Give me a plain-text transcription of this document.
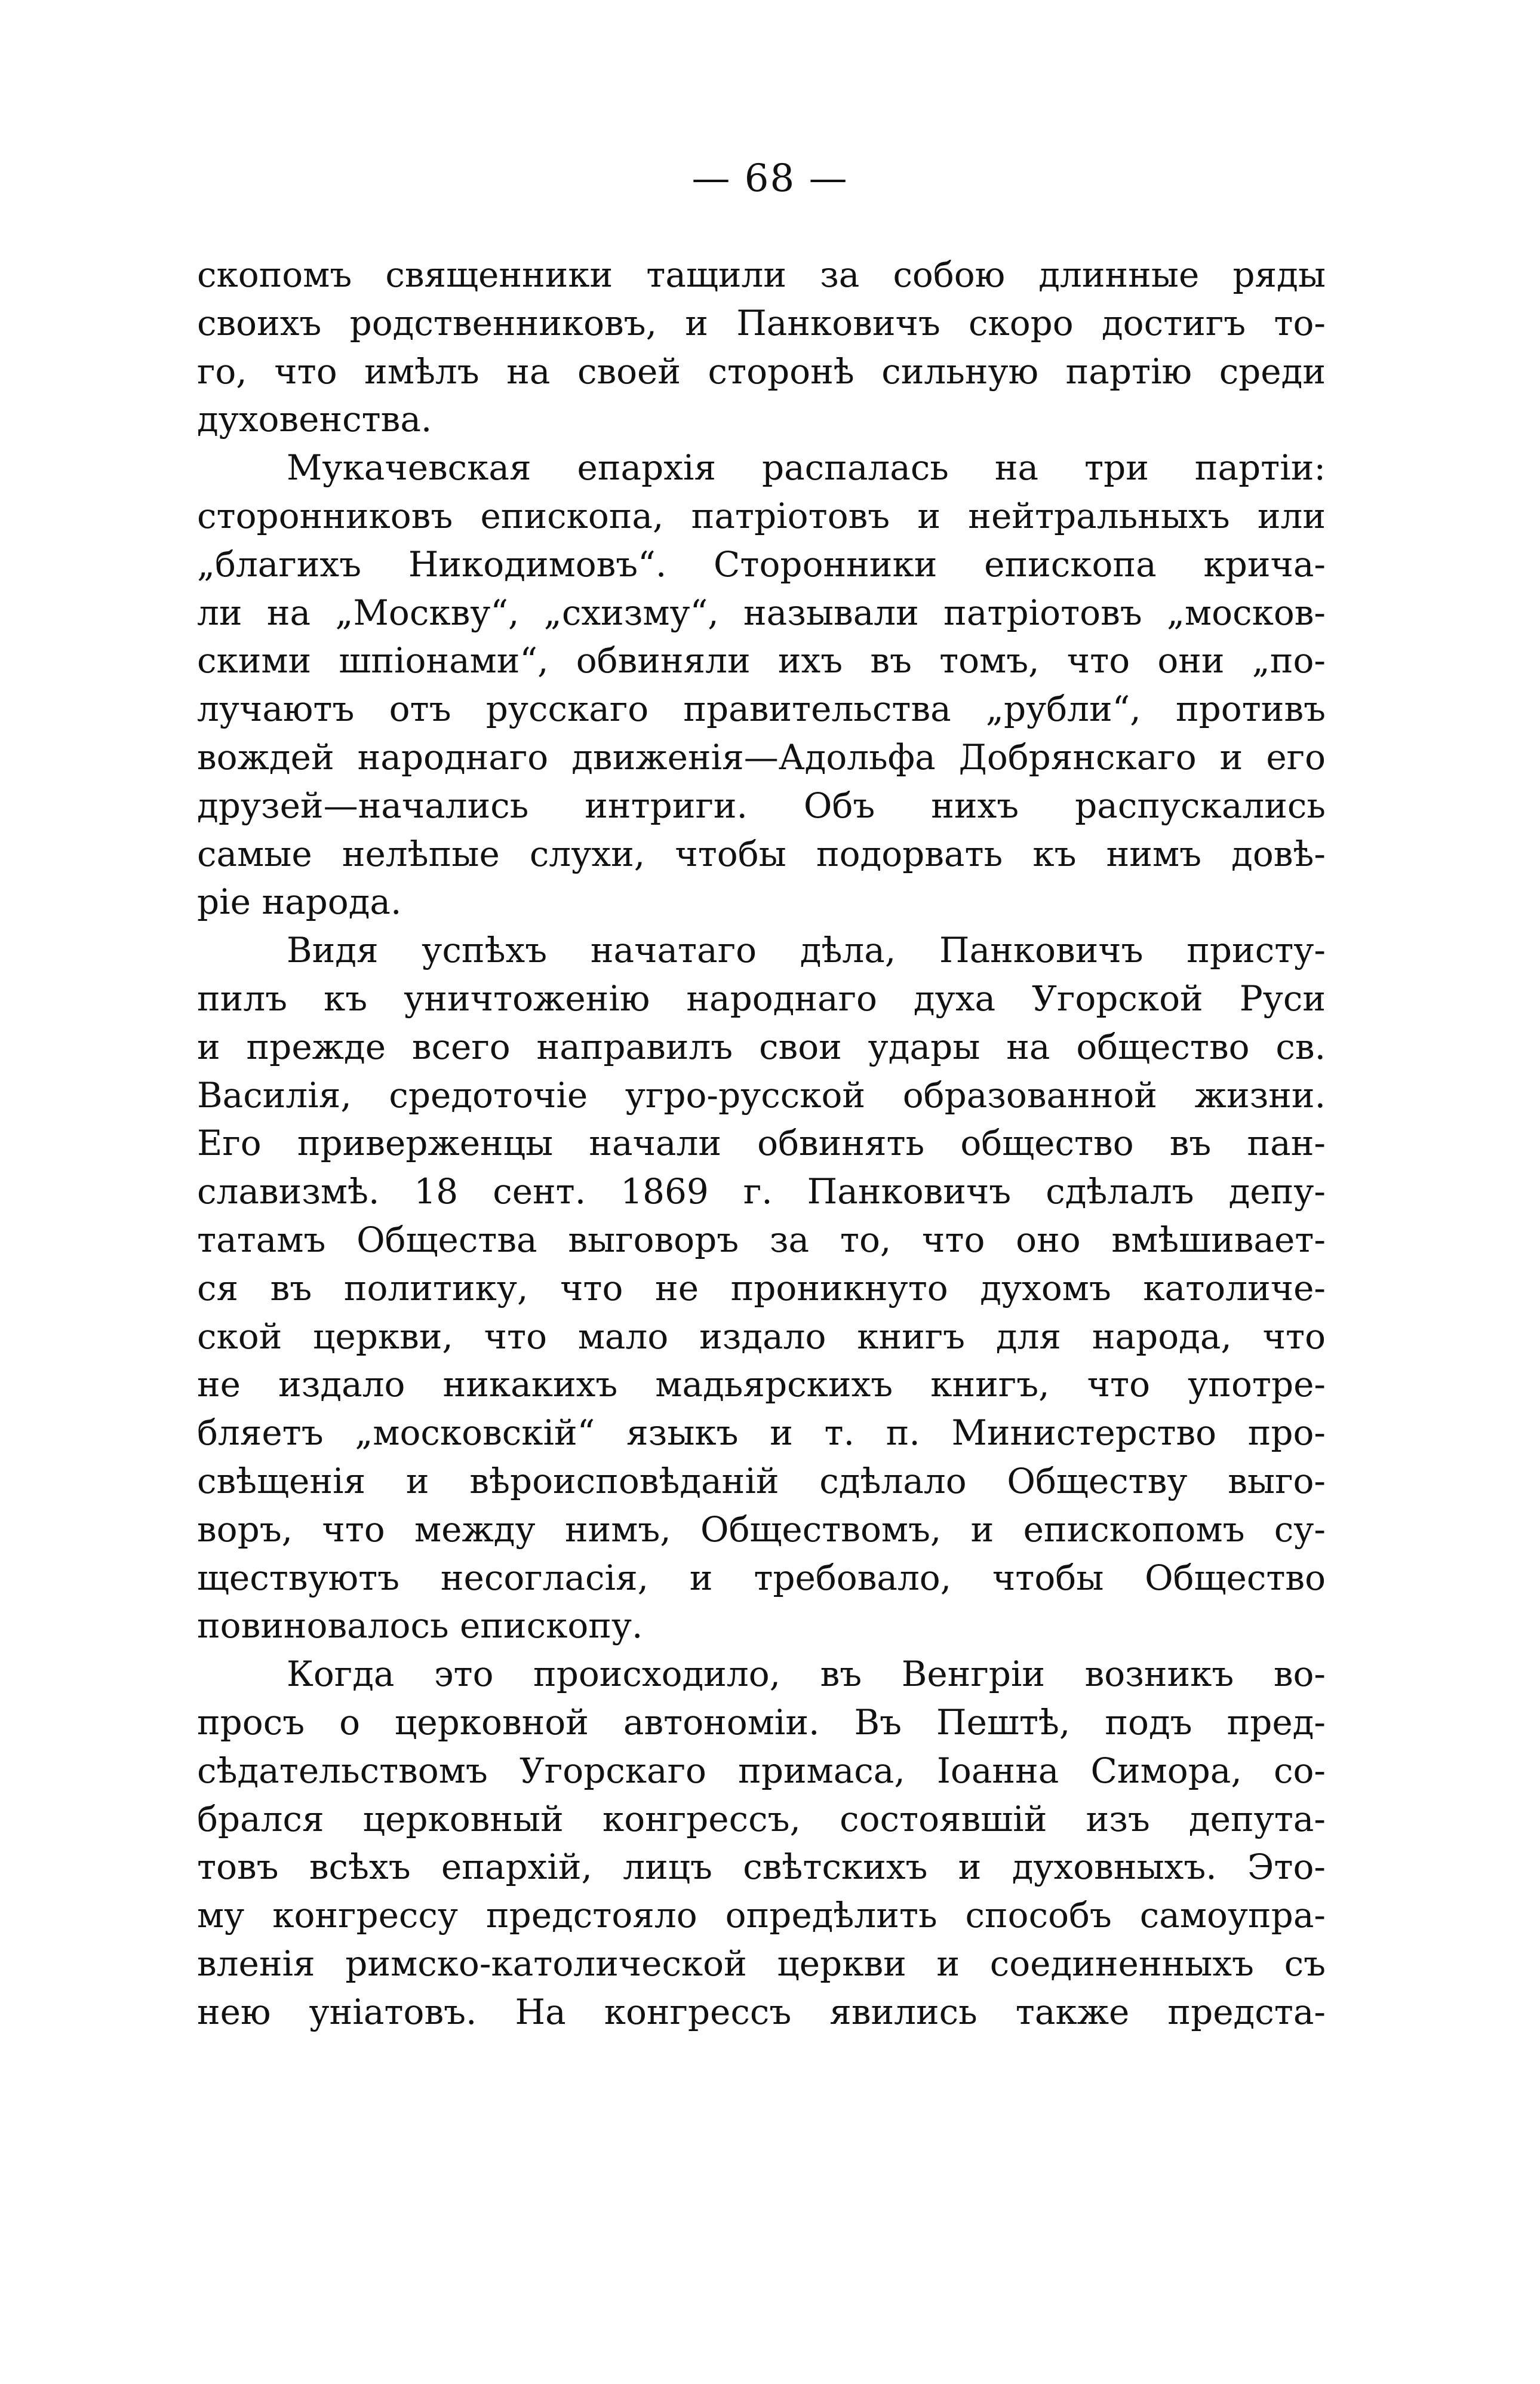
— 68 —
скопомъ священники тащили за собою длинные ряды
своихъ родственниковъ, и Панковичъ скоро достигъ то-
го, что имѣлъ на своей сторонѣ сильную партію среди
духовенства.
Мукачевская епархія распалась на три партіи:
сторонниковъ епископа, патріотовъ и нейтральныхъ или
„благихъ Никодимовъ“. Сторонники епископа крича-
ли на „Москву“, „схизму“, называли патріотовъ „москов-
скими шпіонами“, обвиняли ихъ въ томъ, что они „по-
лучаютъ отъ русскаго правительства „рубли“, противъ
вождей народнаго движенія—Адольфа Добрянскаго и его
друзей—начались интриги. Объ нихъ распускались
самые нелѣпые слухи, чтобы подорвать къ нимъ довѣ-
ріе народа.
Видя успѣхъ начатаго дѣла, Панковичъ присту-
пилъ къ уничтоженію народнаго духа Угорской Руси
и прежде всего направилъ свои удары на общество св.
Василія, средоточіе угро-русской образованной жизни.
Его приверженцы начали обвинять общество въ пан-
славизмѣ. 18 сент. 1869 г. Панковичъ сдѣлалъ депу-
татамъ Общества выговоръ за то, что оно вмѣшивает-
ся въ политику, что не проникнуто духомъ католиче-
ской церкви, что мало издало книгъ для народа, что
не издало никакихъ мадьярскихъ книгъ, что употре-
бляетъ „московскій“ языкъ и т. п. Министерство про-
свѣщенія и вѣроисповѣданій сдѣлало Обществу выго-
воръ, что между нимъ, Обществомъ, и епископомъ су-
ществуютъ несогласія, и требовало, чтобы Общество
повиновалось епископу.
Когда это происходило, въ Венгріи возникъ во-
просъ о церковной автономіи. Въ Пештѣ, подъ пред-
сѣдательствомъ Угорскаго примаса, Іоанна Симора, со-
брался церковный конгрессъ, состоявшій изъ депута-
товъ всѣхъ епархій, лицъ свѣтскихъ и духовныхъ. Это-
му конгрессу предстояло опредѣлить способъ самоупра-
вленія римско-католической церкви и соединенныхъ съ
нею уніатовъ. На конгрессъ явились также предста-
